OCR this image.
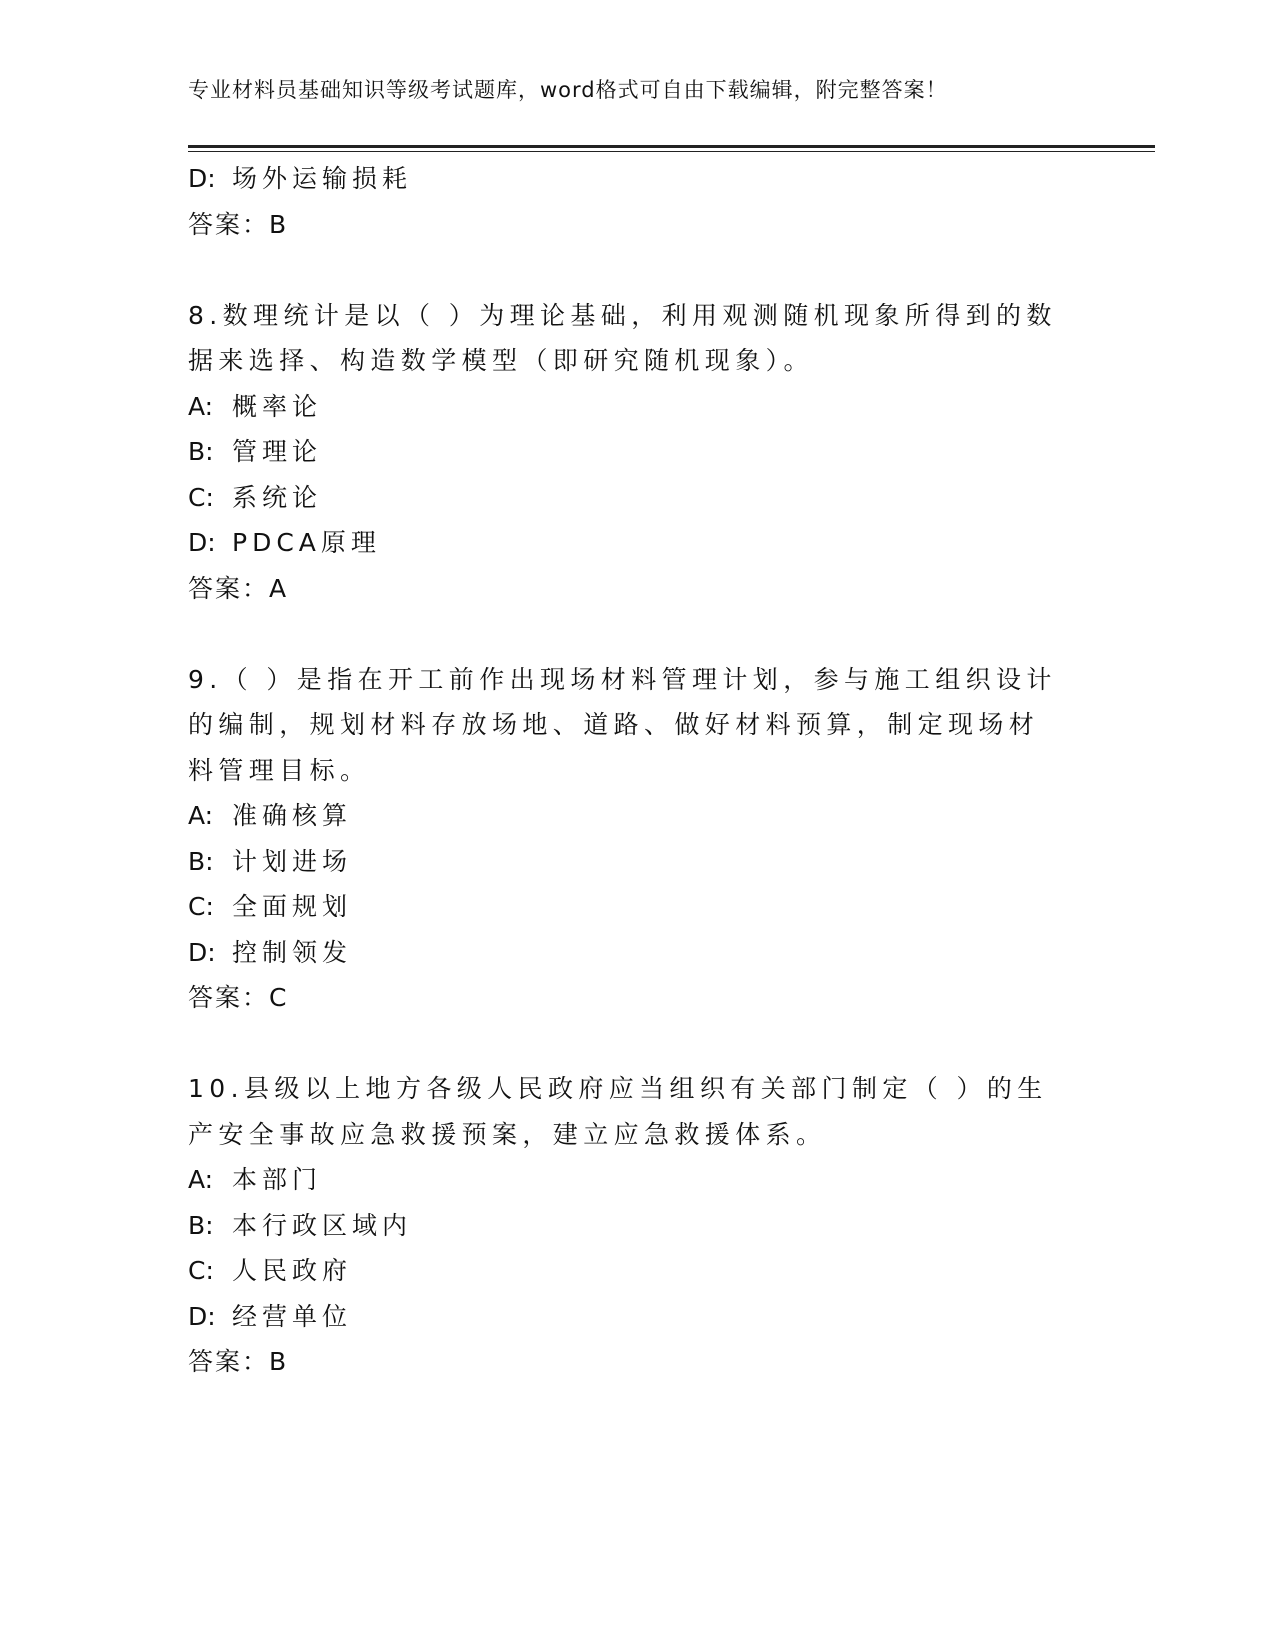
专业材料员基础知识等级考试题库，word格式可自由下载编辑，附完整答案！
D: 场外运输损耗
答案：B
8.数理统计是以（ ）为理论基础，利用观测随机现象所得到的数据来选择、构造数学模型（即研究随机现象）。
A: 概率论
B: 管理论
C: 系统论
D: PDCA原理
答案：A
9.（ ）是指在开工前作出现场材料管理计划，参与施工组织设计的编制，规划材料存放场地、道路、做好材料预算，制定现场材料管理目标。
A: 准确核算
B: 计划进场
C: 全面规划
D: 控制领发
答案：C
10.县级以上地方各级人民政府应当组织有关部门制定（ ）的生产安全事故应急救援预案，建立应急救援体系。
A: 本部门
B: 本行政区域内
C: 人民政府
D: 经营单位
答案：B
